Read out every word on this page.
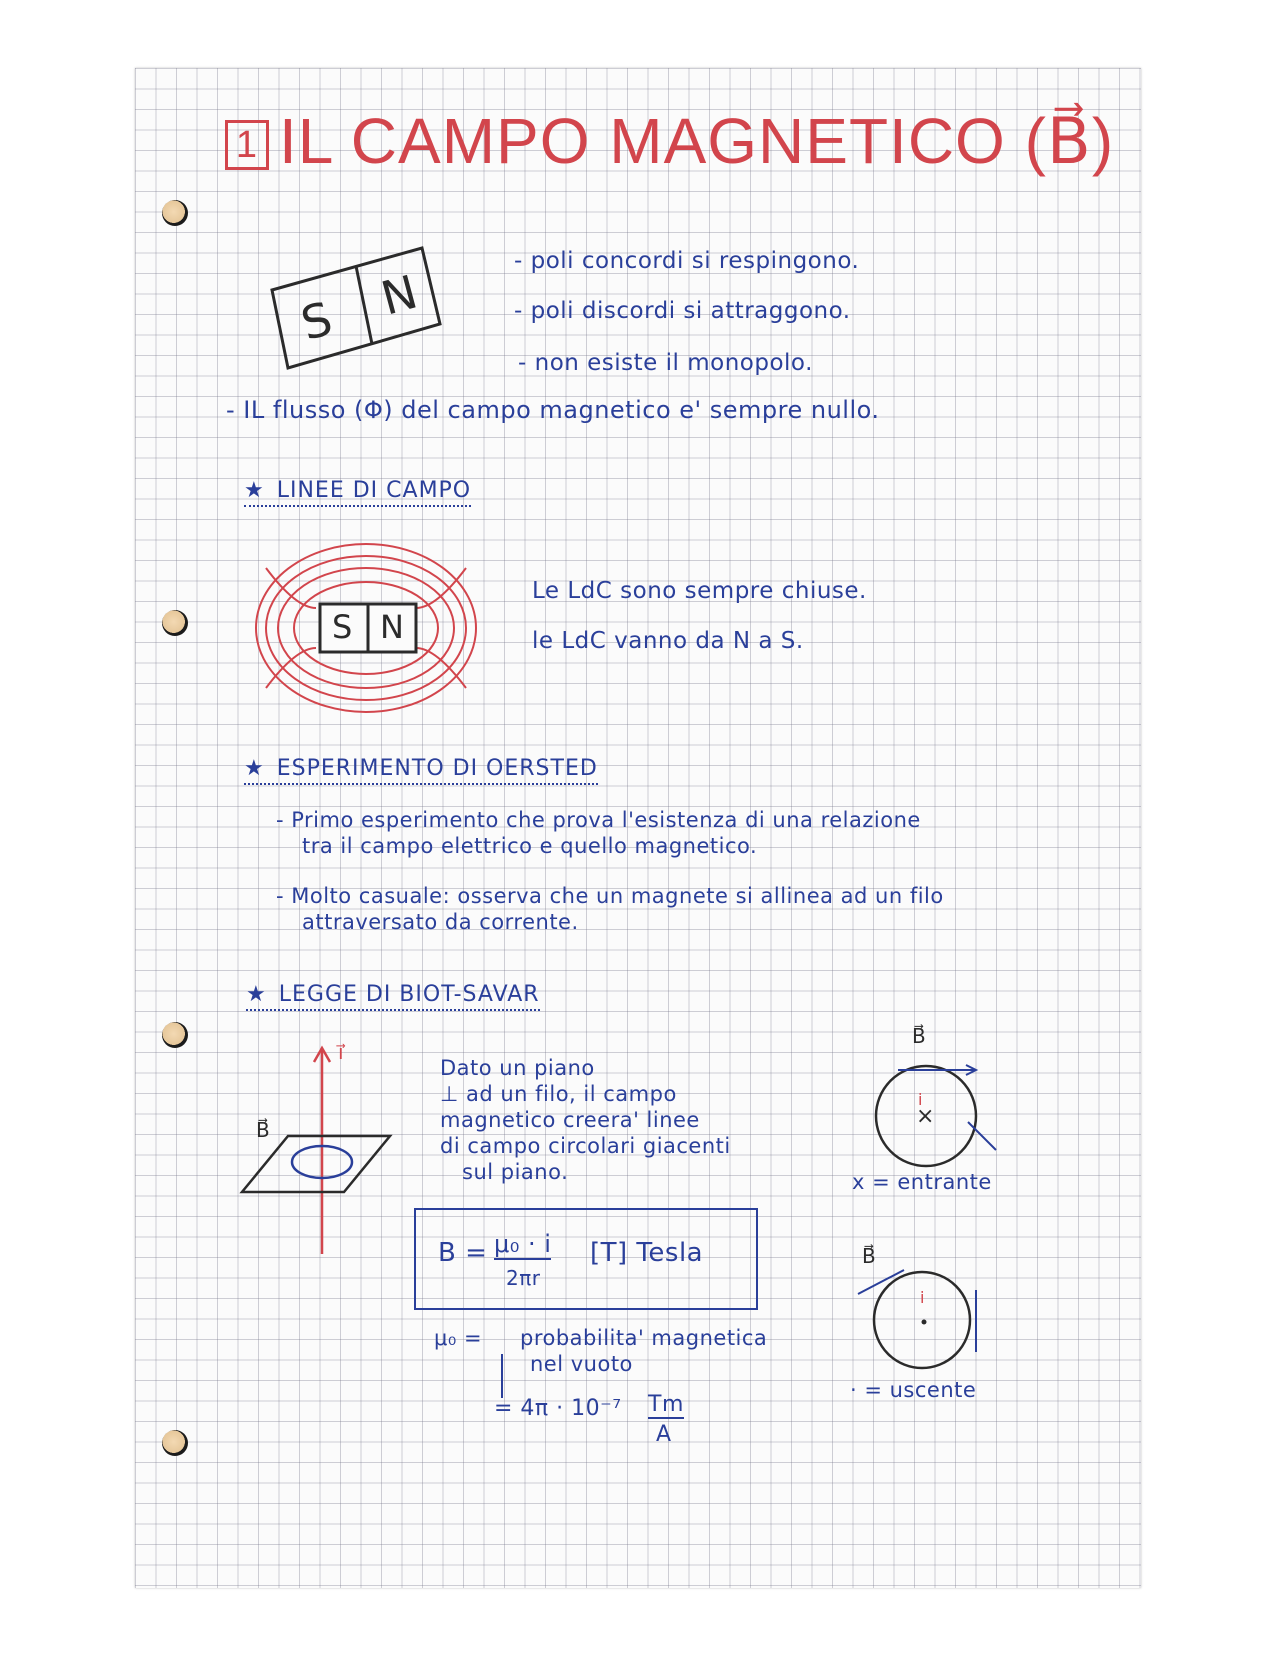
1 IL CAMPO MAGNETICO (B⃗)
S N
- poli concordi si respingono.
- poli discordi si attraggono.
- non esiste il monopolo.
- IL flusso (Φ) del campo magnetico e' sempre nullo.
★ LINEE DI CAMPO
S N
Le LdC sono sempre chiuse.
le LdC vanno da N a S.
★ ESPERIMENTO DI OERSTED
- Primo esperimento che prova l'esistenza di una relazione
tra il campo elettrico e quello magnetico.
- Molto casuale: osserva che un magnete si allinea ad un filo
attraversato da corrente.
★ LEGGE DI BIOT-SAVAR
i⃗
B⃗
Dato un piano
⊥ ad un filo, il campo
magnetico creera' linee
di campo circolari giacenti
sul piano.
B = μ₀ · i
2πr
[T] Tesla
μ₀ = probabilita' magnetica
nel vuoto
= 4π · 10⁻⁷ Tm
A
B⃗
i
×
x = entrante
B⃗
i
· = uscente
